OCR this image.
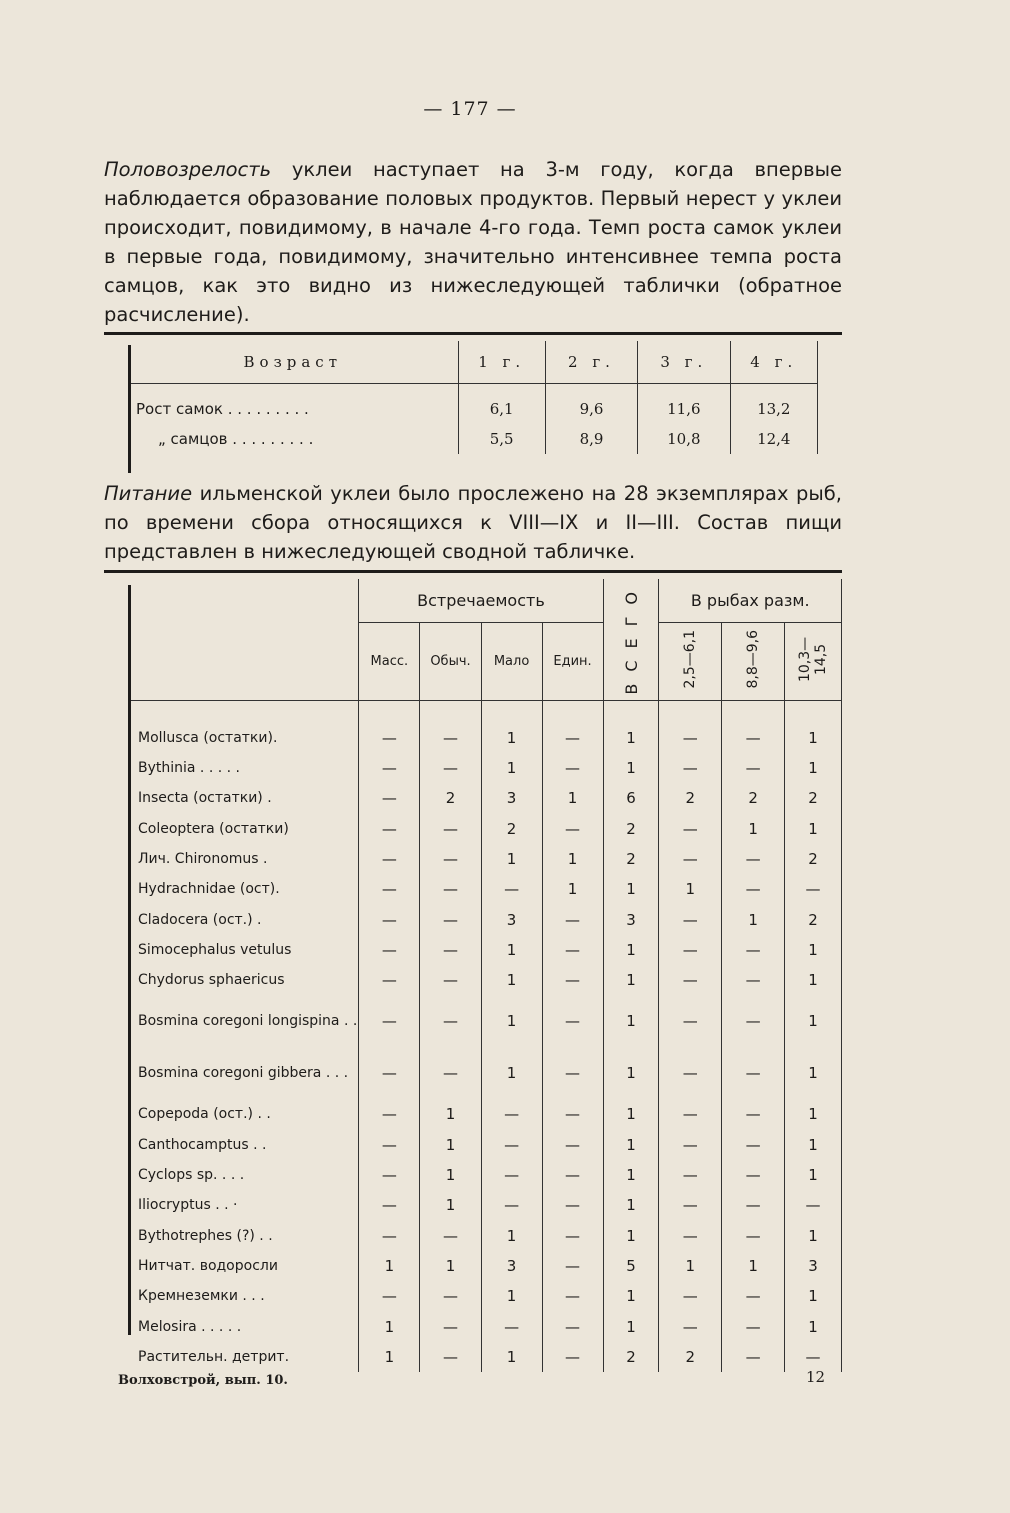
— 177 —
Половозрелость уклеи наступает на 3-м году, когда впервые наблюдается образование половых продуктов. Первый нерест у уклеи происходит, повидимому, в начале 4-го года. Темп роста самок уклеи в первые года, повидимому, значительно интенсивнее темпа роста самцов, как это видно из нижеследующей таблички (обратное расчисление).
Возраст	1 г.	2 г.	3 г.	4 г.

Рост самок . . . . . . . . .	6,1	9,6	11,6	13,2
„ самцов . . . . . . . . .	5,5	8,9	10,8	12,4
Питание ильменской уклеи было прослежено на 28 экземплярах рыб, по времени сбора относящихся к VIII—IX и II—III. Состав пищи представлен в нижеследующей сводной табличке.
	Встречаемость				ВСЕГО	В рыбах разм.		
	Масс.	Обыч.	Мало	Един.		2,5—6,1	8,8—9,6	10,3—14,5

Mollusca (остатки).	—	—	1	—	1	—	—	1
Bythinia . . . . .	—	—	1	—	1	—	—	1
Insecta (остатки) .	—	2	3	1	6	2	2	2
Coleoptera (остатки)	—	—	2	—	2	—	1	1
Лич. Chironomus .	—	—	1	1	2	—	—	2
Hydrachnidae (ост).	—	—	—	1	1	1	—	—
Cladocera (ост.) .	—	—	3	—	3	—	1	2
Simocephalus vetulus	—	—	1	—	1	—	—	1
Chydorus sphaericus	—	—	1	—	1	—	—	1
Bosmina coregoni longispina . .	—	—	1	—	1	—	—	1
Bosmina coregoni gibbera . . .	—	—	1	—	1	—	—	1
Copepoda (ост.) . .	—	1	—	—	1	—	—	1
Canthocamptus . .	—	1	—	—	1	—	—	1
Cyclops sp. . . .	—	1	—	—	1	—	—	1
Iliocryptus . . ·	—	1	—	—	1	—	—	—
Bythotrephes (?) . .	—	—	1	—	1	—	—	1
Нитчат. водоросли	1	1	3	—	5	1	1	3
Кремнеземки . . .	—	—	1	—	1	—	—	1
Melosira . . . . .	1	—	—	—	1	—	—	1
Растительн. детрит.	1	—	1	—	2	2	—	—
Волховстрой, вып. 10.	12
